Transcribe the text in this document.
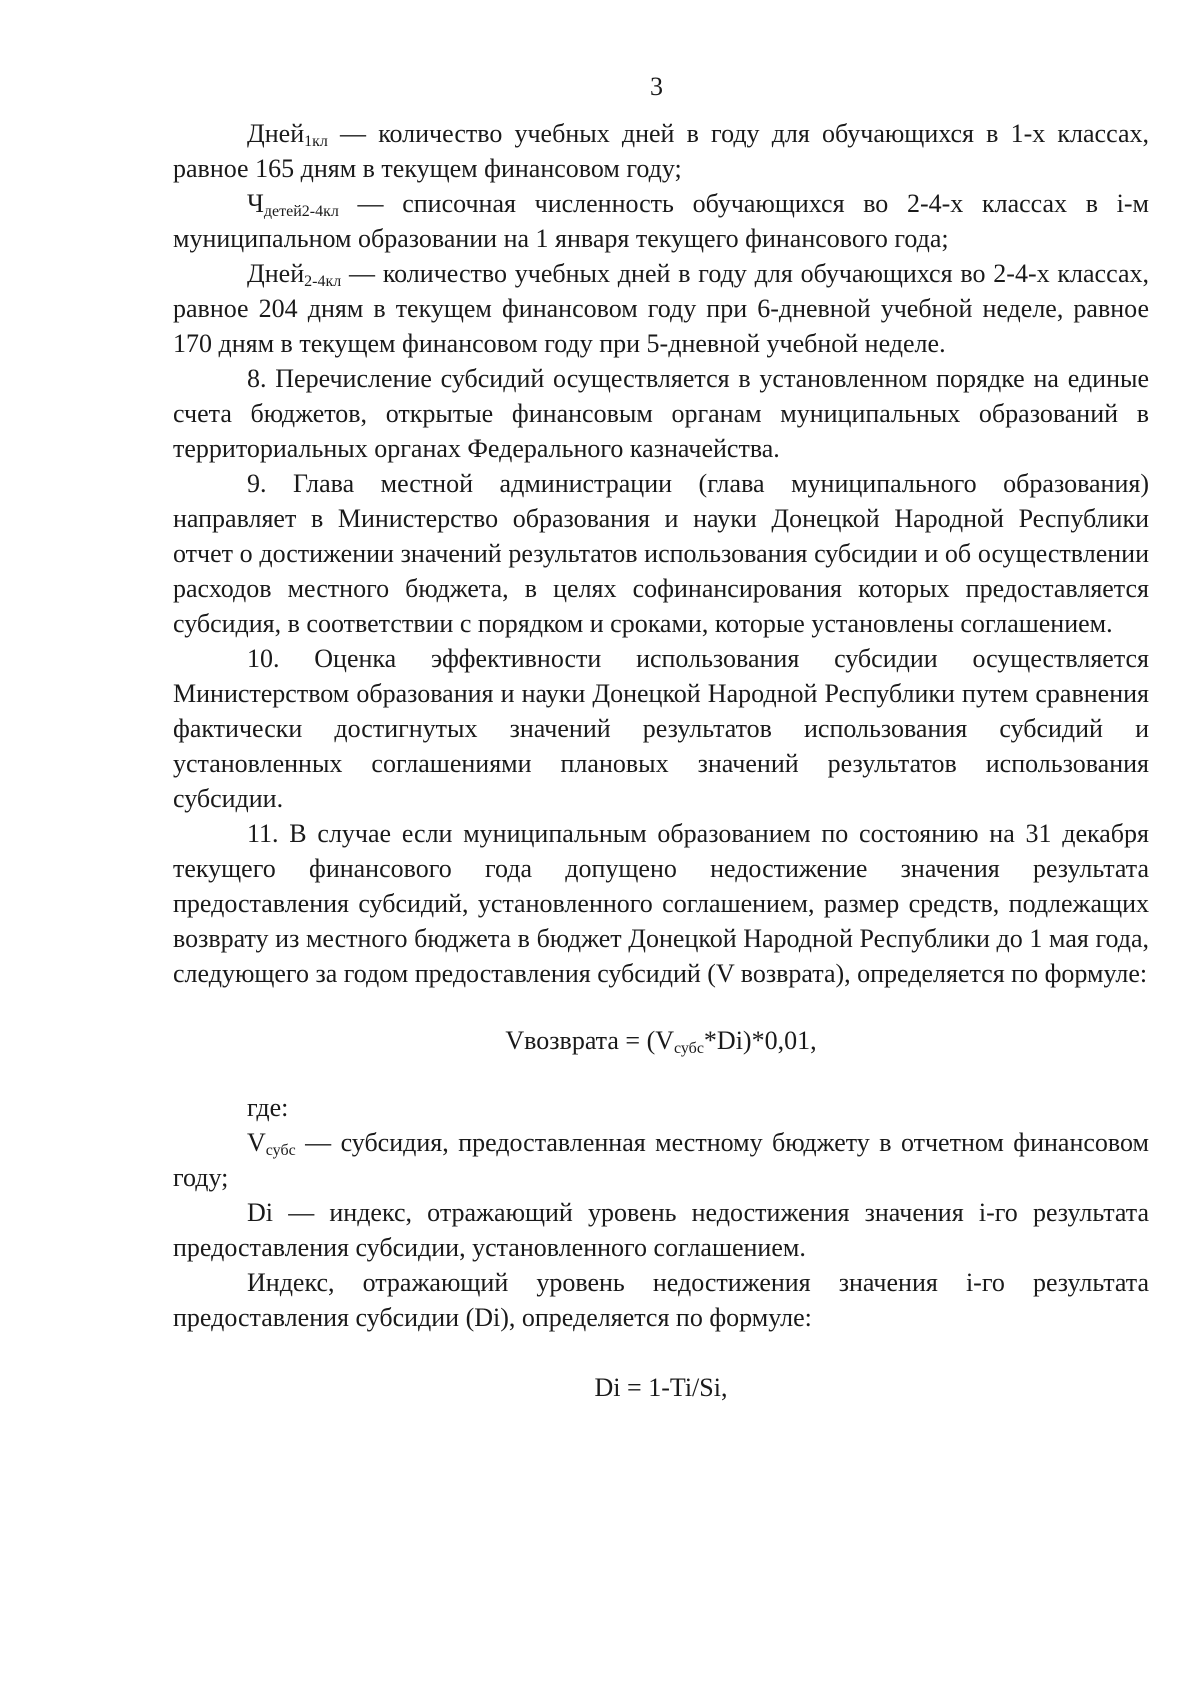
3

Дней$_{1кл}$ — количество учебных дней в году для обучающихся в 1-х классах, равное 165 дням в текущем финансовом году;

$Ч_{детей2-4кл}$ — списочная численность обучающихся во 2-4-х классах в i-м муниципальном образовании на 1 января текущего финансового года;

Дней$_{2-4кл}$ — количество учебных дней в году для обучающихся во 2-4-х классах, равное 204 дням в текущем финансовом году при 6-дневной учебной неделе, равное 170 дням в текущем финансовом году при 5-дневной учебной неделе.

8. Перечисление субсидий осуществляется в установленном порядке на единые счета бюджетов, открытые финансовым органам муниципальных образований в территориальных органах Федерального казначейства.

9. Глава местной администрации (глава муниципального образования) направляет в Министерство образования и науки Донецкой Народной Республики отчет о достижении значений результатов использования субсидии и об осуществлении расходов местного бюджета, в целях софинансирования которых предоставляется субсидия, в соответствии с порядком и сроками, которые установлены соглашением.

10. Оценка эффективности использования субсидии осуществляется Министерством образования и науки Донецкой Народной Республики путем сравнения фактически достигнутых значений результатов использования субсидий и установленных соглашениями плановых значений результатов использования субсидии.

11. В случае если муниципальным образованием по состоянию на 31 декабря текущего финансового года допущено недостижение значения результата предоставления субсидий, установленного соглашением, размер средств, подлежащих возврату из местного бюджета в бюджет Донецкой Народной Республики до 1 мая года, следующего за годом предоставления субсидий (V возврата), определяется по формуле:

Vвозврата = $(V_{субс}*Di)*0,01$,

где:

$V_{субс}$ — субсидия, предоставленная местному бюджету в отчетном финансовом году;

Di — индекс, отражающий уровень недостижения значения i-го результата предоставления субсидии, установленного соглашением.

Индекс, отражающий уровень недостижения значения i-го результата предоставления субсидии (Di), определяется по формуле:

Di = 1-Ti/Si,
